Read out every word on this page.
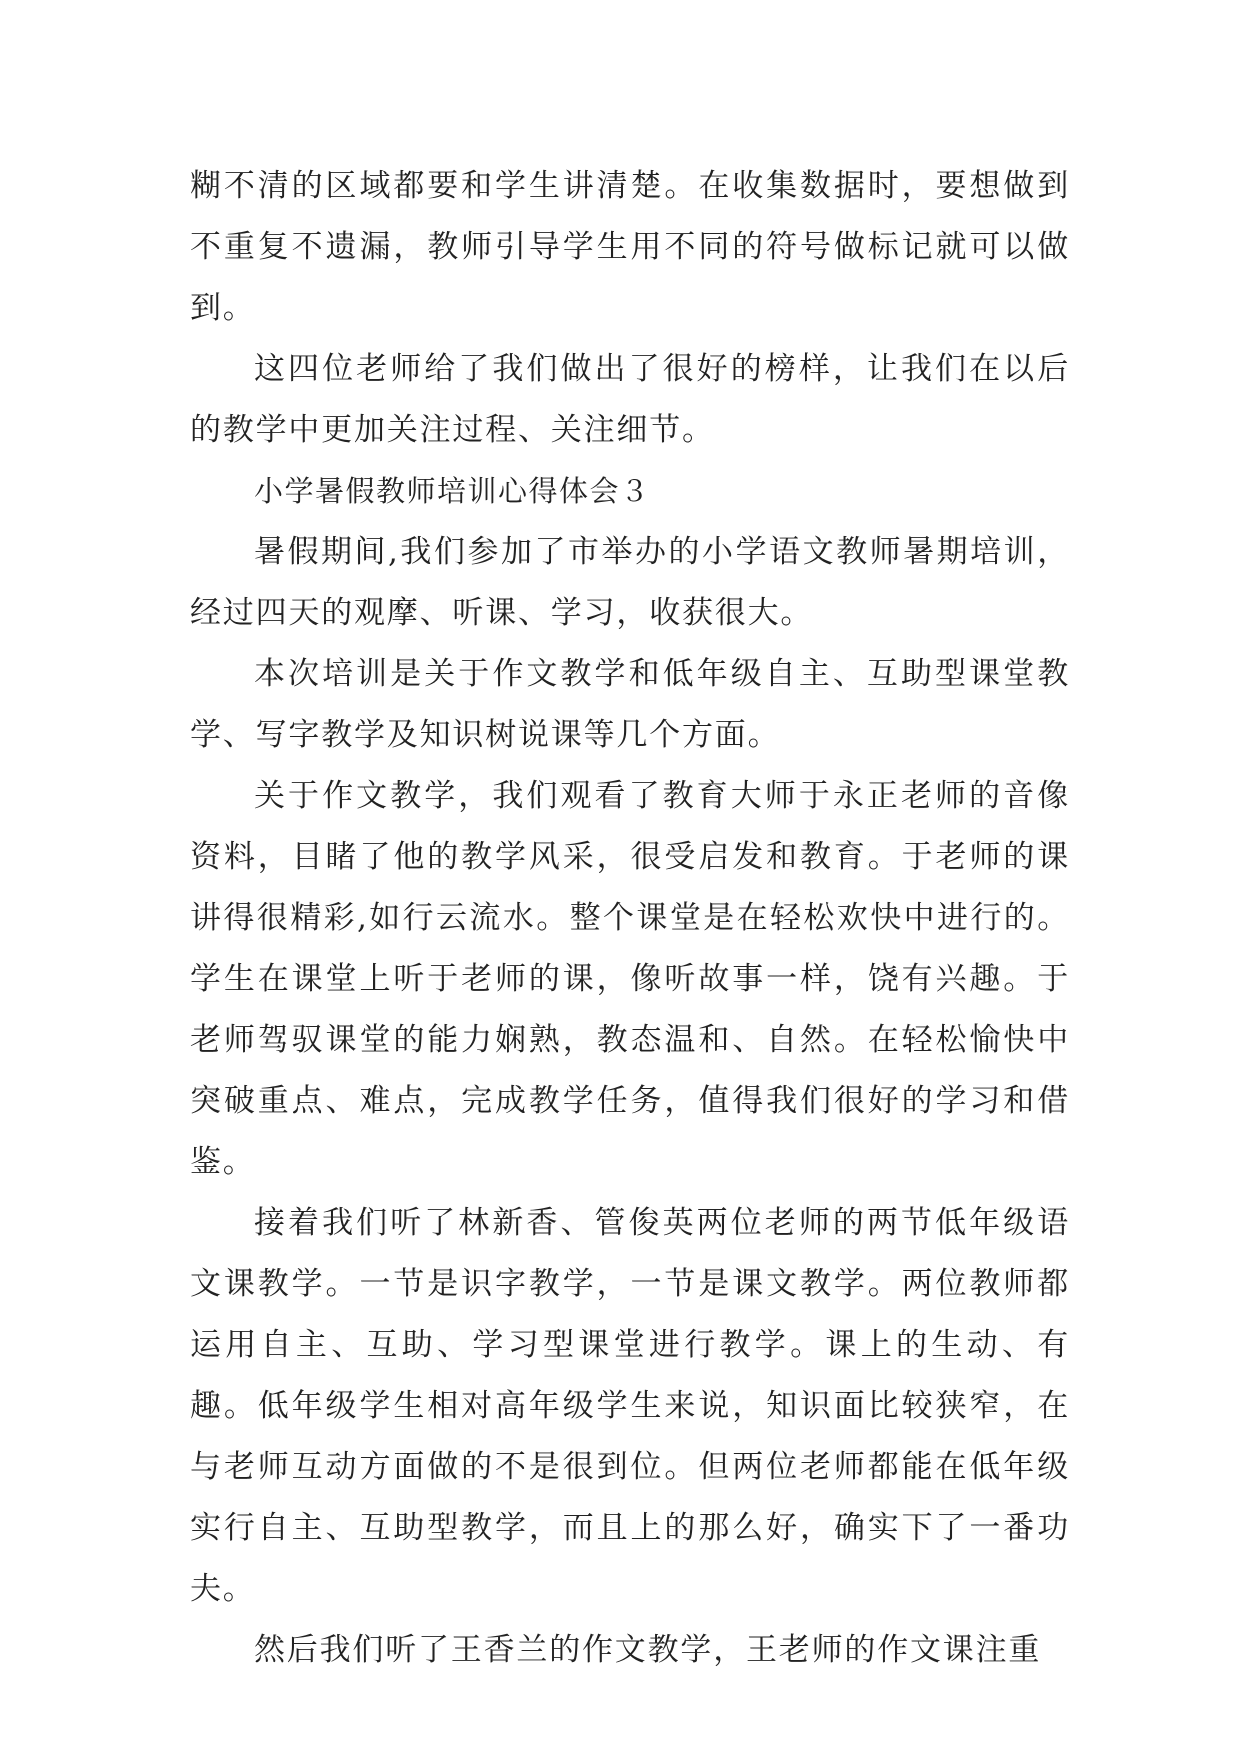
糊不清的区域都要和学生讲清楚。在收集数据时，要想做到不重复不遗漏，教师引导学生用不同的符号做标记就可以做到。

这四位老师给了我们做出了很好的榜样，让我们在以后的教学中更加关注过程、关注细节。

小学暑假教师培训心得体会３

暑假期间,我们参加了市举办的小学语文教师暑期培训，经过四天的观摩、听课、学习，收获很大。

本次培训是关于作文教学和低年级自主、互助型课堂教学、写字教学及知识树说课等几个方面。

关于作文教学，我们观看了教育大师于永正老师的音像资料，目睹了他的教学风采，很受启发和教育。于老师的课讲得很精彩,如行云流水。整个课堂是在轻松欢快中进行的。学生在课堂上听于老师的课，像听故事一样，饶有兴趣。于老师驾驭课堂的能力娴熟，教态温和、自然。在轻松愉快中突破重点、难点，完成教学任务，值得我们很好的学习和借鉴。

接着我们听了林新香、管俊英两位老师的两节低年级语文课教学。一节是识字教学，一节是课文教学。两位教师都运用自主、互助、学习型课堂进行教学。课上的生动、有趣。低年级学生相对高年级学生来说，知识面比较狭窄，在与老师互动方面做的不是很到位。但两位老师都能在低年级实行自主、互助型教学，而且上的那么好，确实下了一番功夫。

然后我们听了王香兰的作文教学，王老师的作文课注重
